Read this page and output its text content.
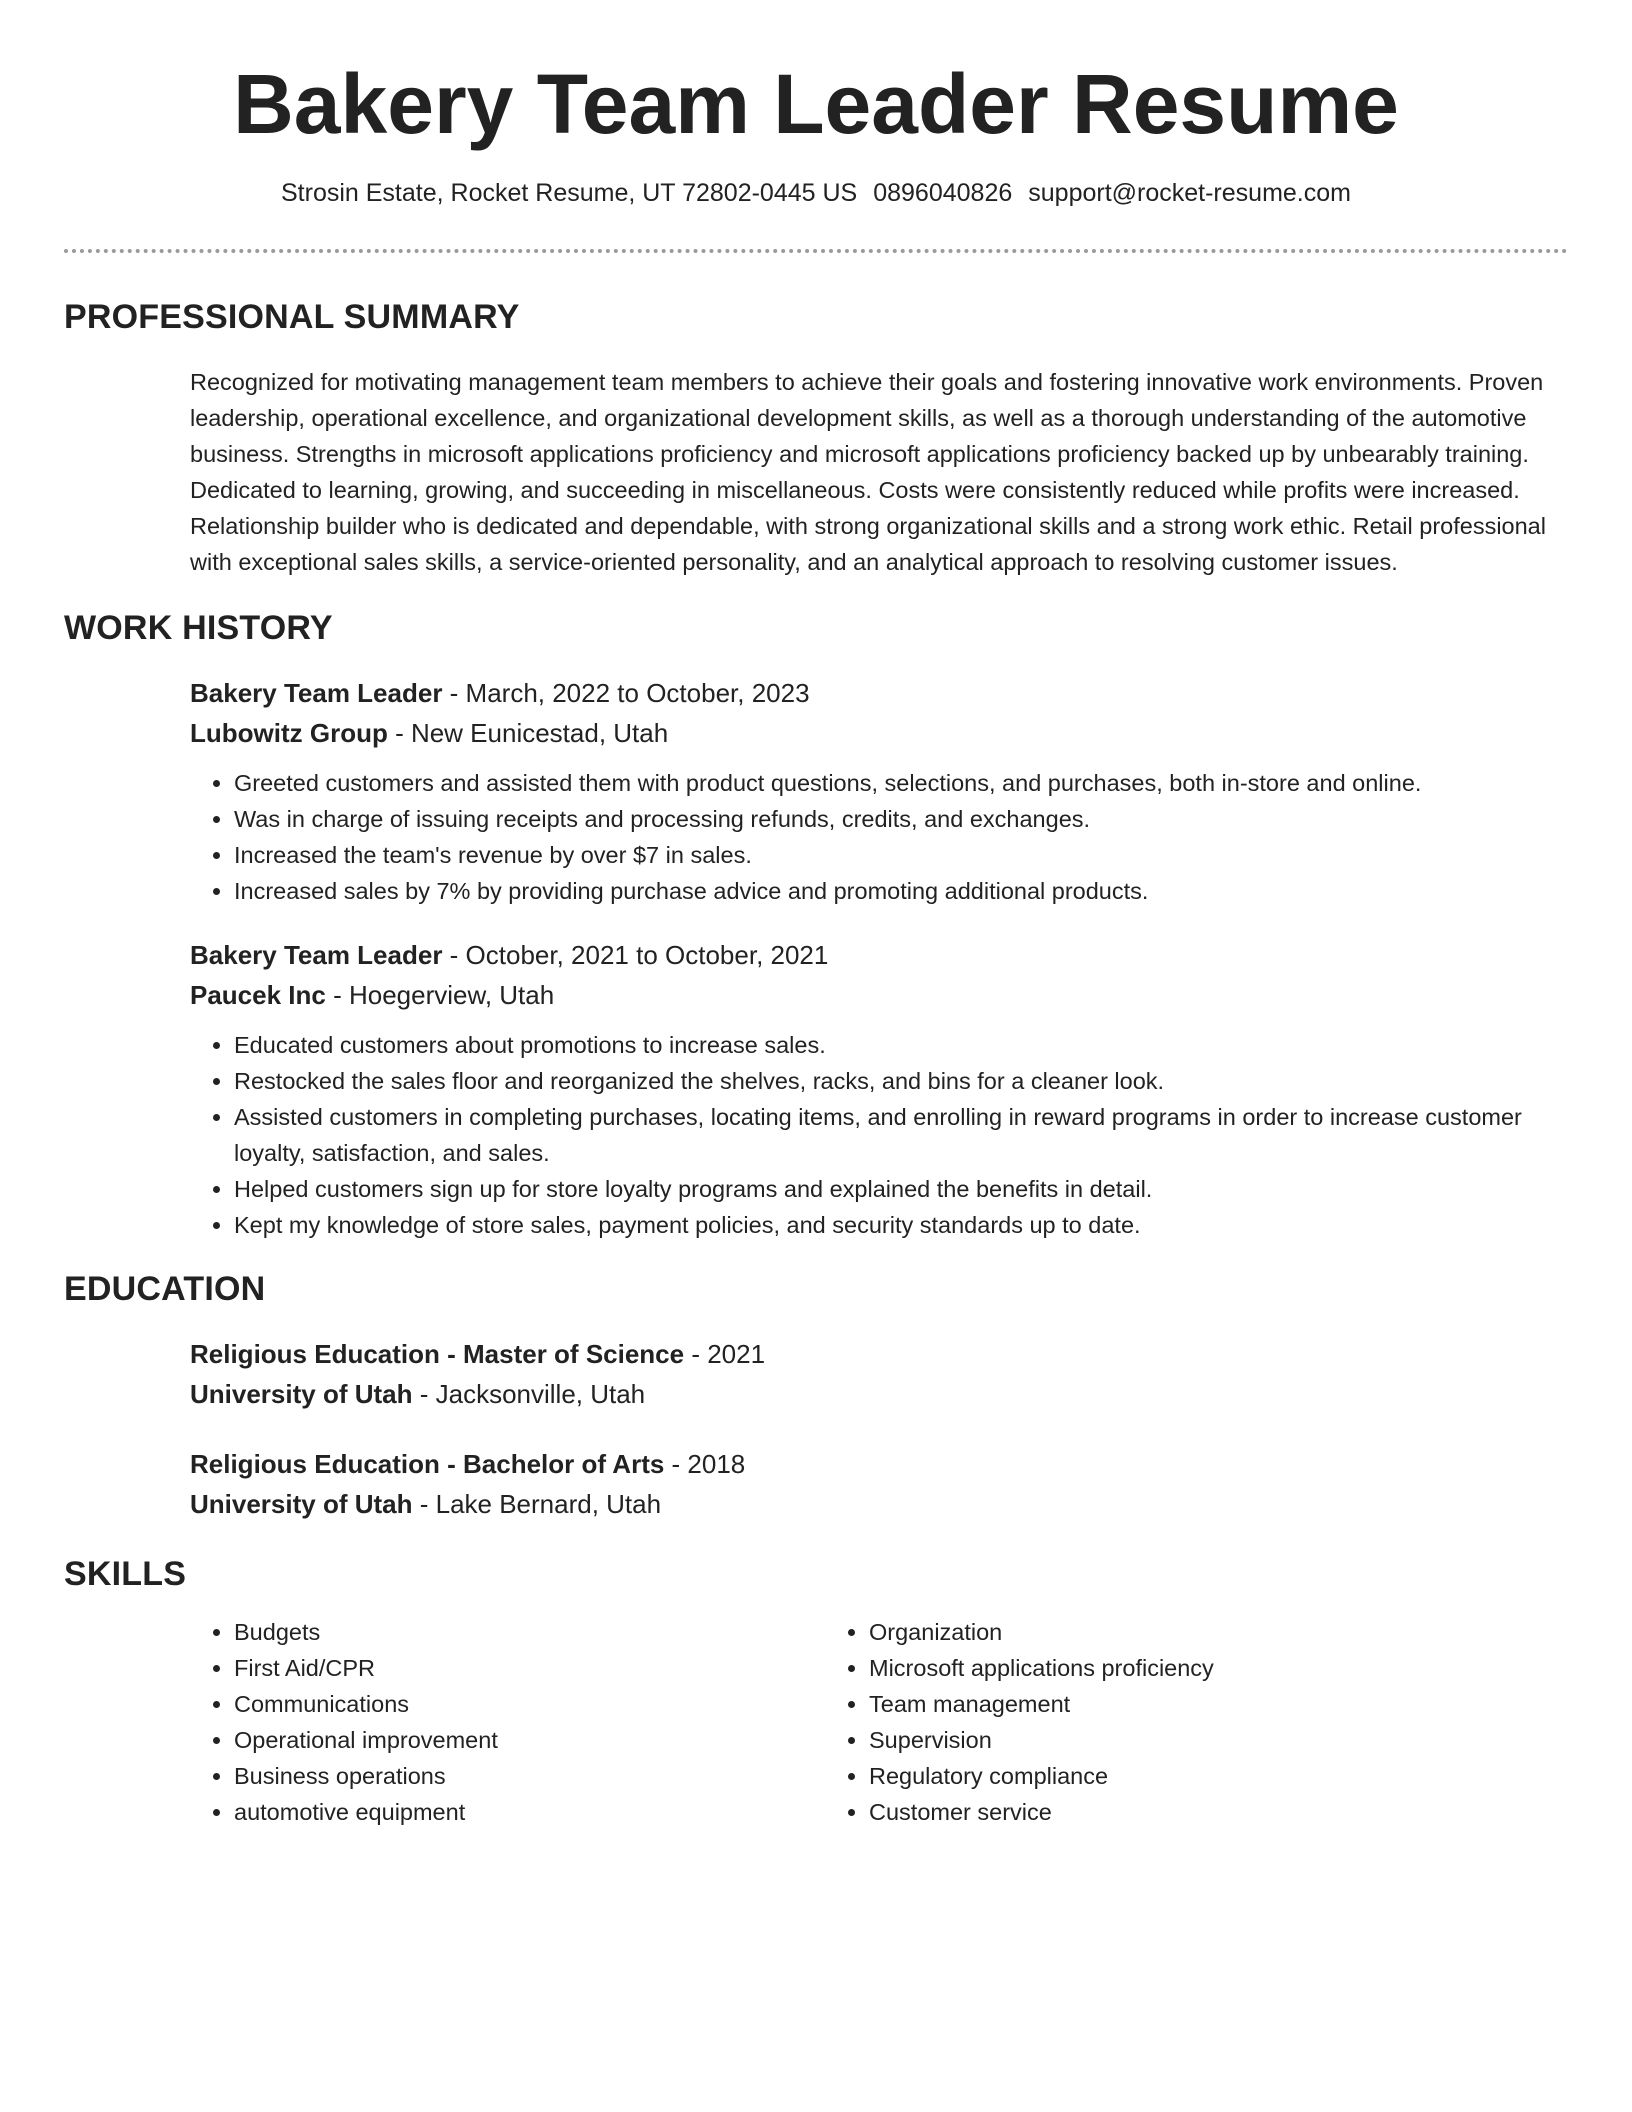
Bakery Team Leader Resume
Strosin Estate, Rocket Resume, UT 72802-0445 US 0896040826 support@rocket-resume.com
PROFESSIONAL SUMMARY
Recognized for motivating management team members to achieve their goals and fostering innovative work environments. Proven leadership, operational excellence, and organizational development skills, as well as a thorough understanding of the automotive business. Strengths in microsoft applications proficiency and microsoft applications proficiency backed up by unbearably training. Dedicated to learning, growing, and succeeding in miscellaneous. Costs were consistently reduced while profits were increased. Relationship builder who is dedicated and dependable, with strong organizational skills and a strong work ethic. Retail professional with exceptional sales skills, a service-oriented personality, and an analytical approach to resolving customer issues.
WORK HISTORY
Bakery Team Leader - March, 2022 to October, 2023
Lubowitz Group - New Eunicestad, Utah
• Greeted customers and assisted them with product questions, selections, and purchases, both in-store and online.
• Was in charge of issuing receipts and processing refunds, credits, and exchanges.
• Increased the team's revenue by over $7 in sales.
• Increased sales by 7% by providing purchase advice and promoting additional products.
Bakery Team Leader - October, 2021 to October, 2021
Paucek Inc - Hoegerview, Utah
• Educated customers about promotions to increase sales.
• Restocked the sales floor and reorganized the shelves, racks, and bins for a cleaner look.
• Assisted customers in completing purchases, locating items, and enrolling in reward programs in order to increase customer loyalty, satisfaction, and sales.
• Helped customers sign up for store loyalty programs and explained the benefits in detail.
• Kept my knowledge of store sales, payment policies, and security standards up to date.
EDUCATION
Religious Education - Master of Science - 2021
University of Utah - Jacksonville, Utah
Religious Education - Bachelor of Arts - 2018
University of Utah - Lake Bernard, Utah
SKILLS
• Budgets
• First Aid/CPR
• Communications
• Operational improvement
• Business operations
• automotive equipment
• Organization
• Microsoft applications proficiency
• Team management
• Supervision
• Regulatory compliance
• Customer service
